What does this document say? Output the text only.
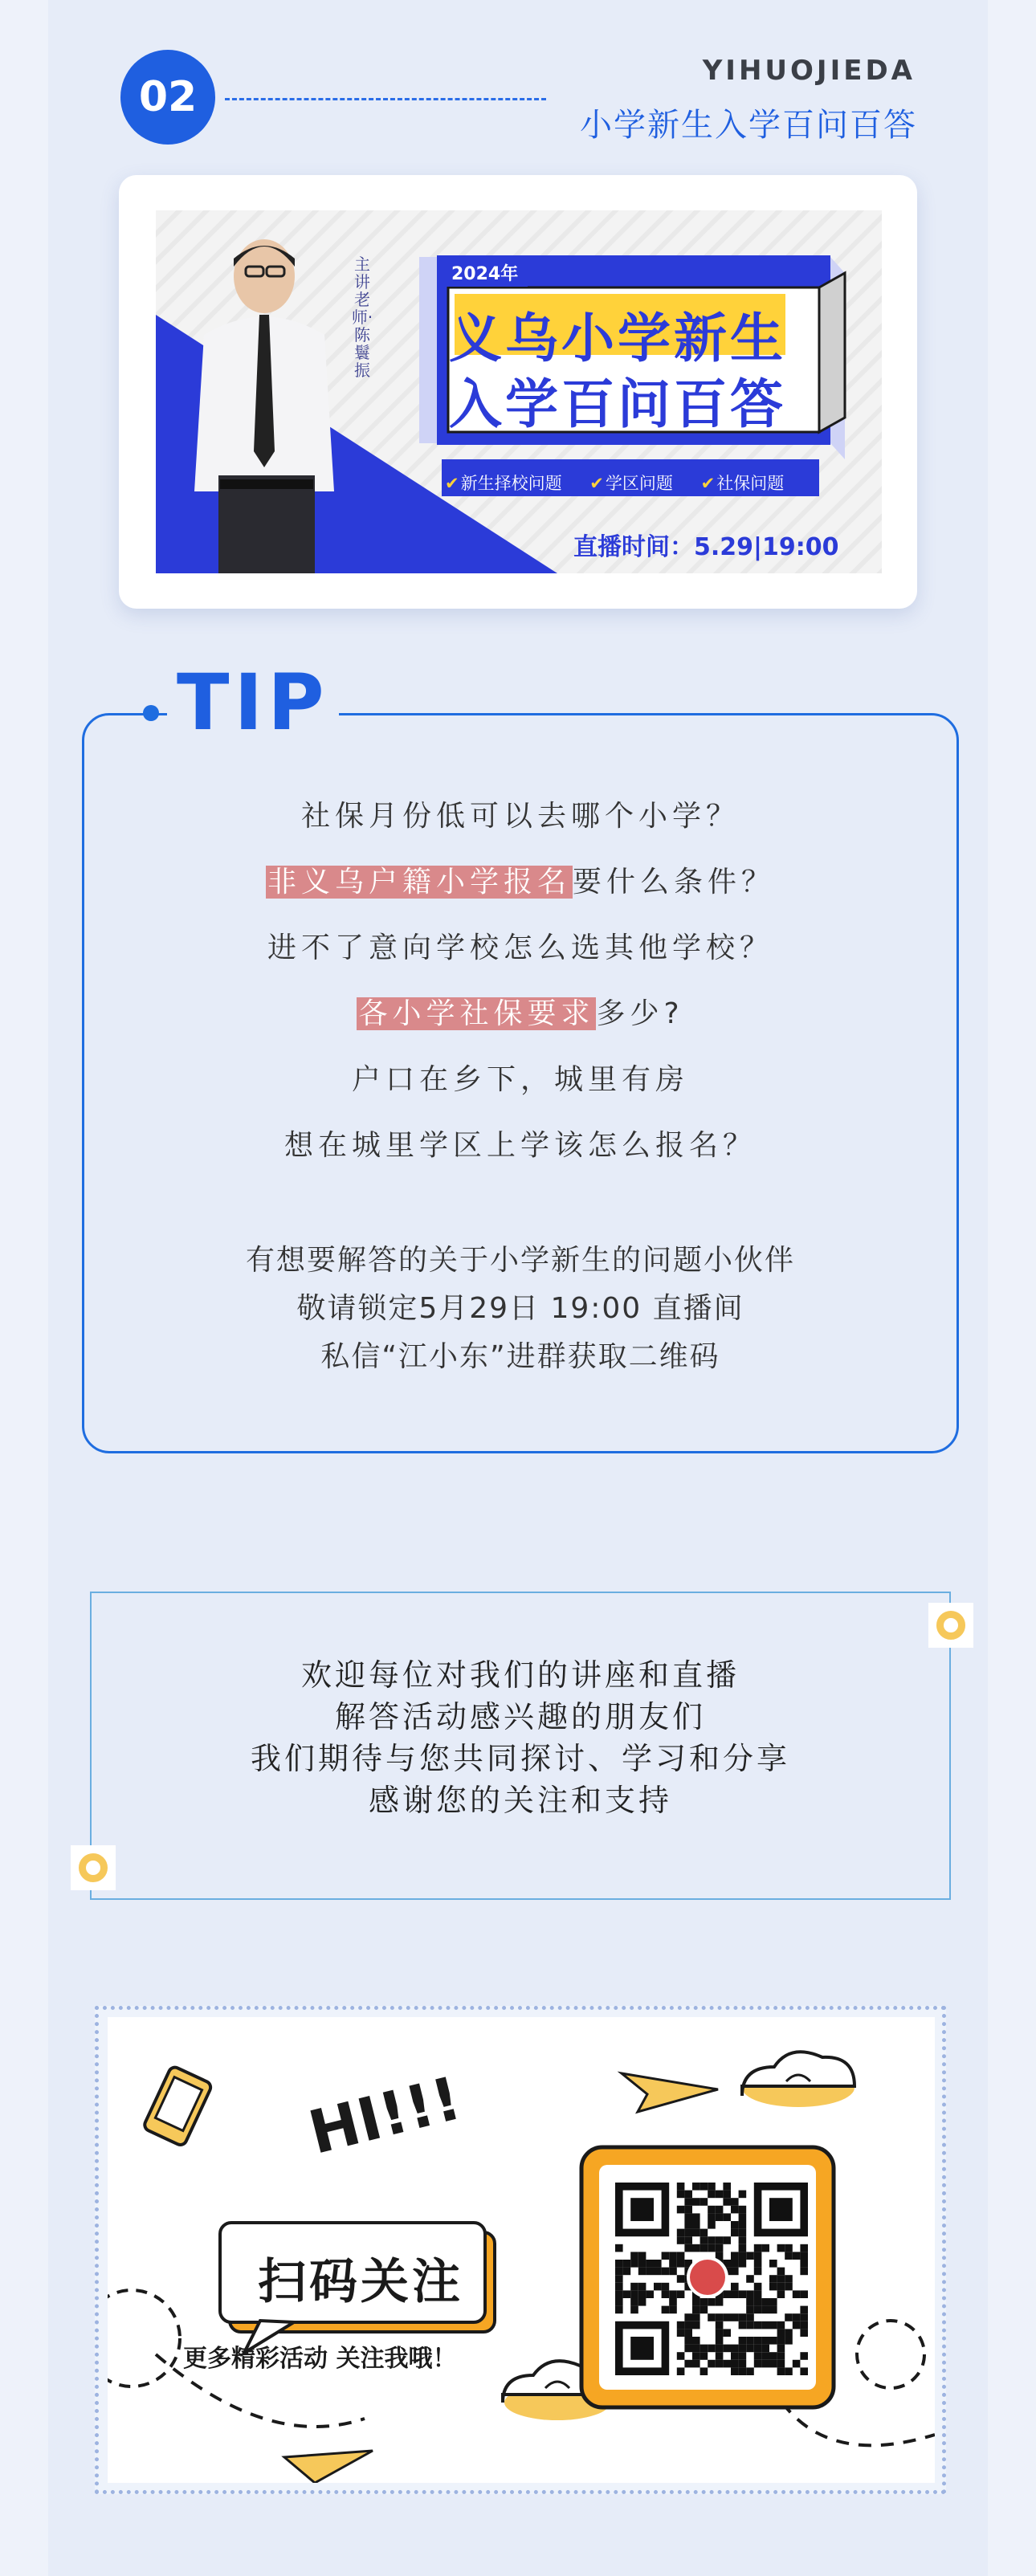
02
YIHUOJIEDA
小学新生入学百问百答
主讲老师·陈鬟振
2024年
义乌小学新生
入学百问百答
✔新生择校问题 ✔学区问题 ✔社保问题
直播时间：5.29|19:00
TIP
社保月份低可以去哪个小学？
非义乌户籍小学报名要什么条件？
进不了意向学校怎么选其他学校？
各小学社保要求多少?
户口在乡下，城里有房
想在城里学区上学该怎么报名？
有想要解答的关于小学新生的问题小伙伴
敬请锁定5月29日 19:00 直播间
私信“江小东”进群获取二维码
欢迎每位对我们的讲座和直播
解答活动感兴趣的朋友们
我们期待与您共同探讨、学习和分享
感谢您的关注和支持
HI!!!
扫码关注
更多精彩活动 关注我哦！
